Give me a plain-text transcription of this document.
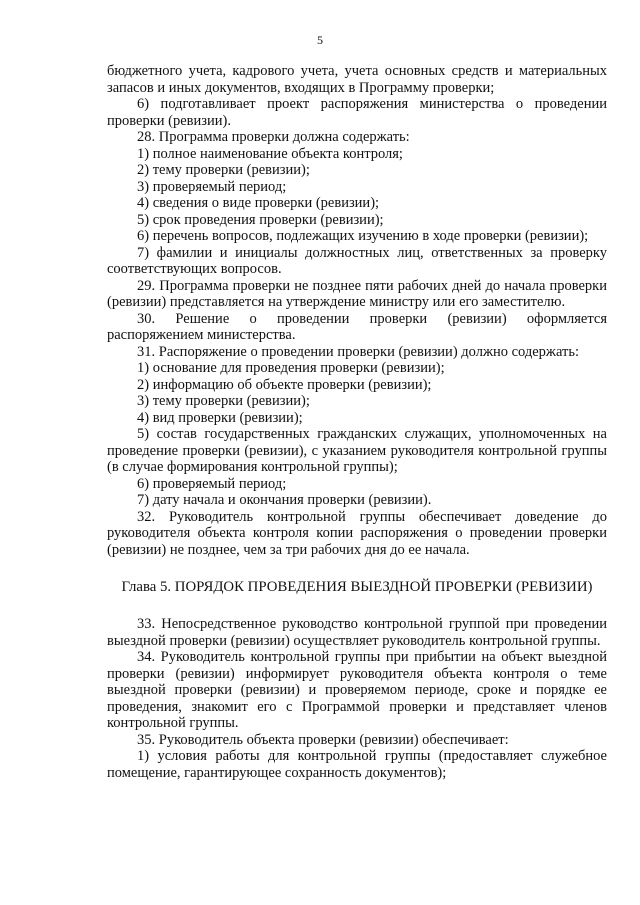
5

бюджетного учета, кадрового учета, учета основных средств и материальных запасов и иных документов, входящих в Программу проверки;

6) подготавливает проект распоряжения министерства о проведении проверки (ревизии).

28. Программа проверки должна содержать:

1) полное наименование объекта контроля;

2) тему проверки (ревизии);

3) проверяемый период;

4) сведения о виде проверки (ревизии);

5) срок проведения проверки (ревизии);

6) перечень вопросов, подлежащих изучению в ходе проверки (ревизии);

7) фамилии и инициалы должностных лиц, ответственных за проверку соответствующих вопросов.

29. Программа проверки не позднее пяти рабочих дней до начала проверки (ревизии) представляется на утверждение министру или его заместителю.

30. Решение о проведении проверки (ревизии) оформляется

распоряжением министерства.

31. Распоряжение о проведении проверки (ревизии) должно содержать:

1) основание для проведения проверки (ревизии);

2) информацию об объекте проверки (ревизии);

3) тему проверки (ревизии);

4) вид проверки (ревизии);

5) состав государственных гражданских служащих, уполномоченных на проведение проверки (ревизии), с указанием руководителя контрольной группы (в случае формирования контрольной группы);

6) проверяемый период;

7) дату начала и окончания проверки (ревизии).

32. Руководитель контрольной группы обеспечивает доведение до руководителя объекта контроля копии распоряжения о проведении проверки (ревизии) не позднее, чем за три рабочих дня до ее начала.

Глава 5. ПОРЯДОК ПРОВЕДЕНИЯ ВЫЕЗДНОЙ ПРОВЕРКИ (РЕВИЗИИ)

33. Непосредственное руководство контрольной группой при проведении выездной проверки (ревизии) осуществляет руководитель контрольной группы.

34. Руководитель контрольной группы при прибытии на объект выездной проверки (ревизии) информирует руководителя объекта контроля о теме выездной проверки (ревизии) и проверяемом периоде, сроке и порядке ее проведения, знакомит его с Программой проверки и представляет членов контрольной группы.

35. Руководитель объекта проверки (ревизии) обеспечивает:

1) условия работы для контрольной группы (предоставляет служебное помещение, гарантирующее сохранность документов);
